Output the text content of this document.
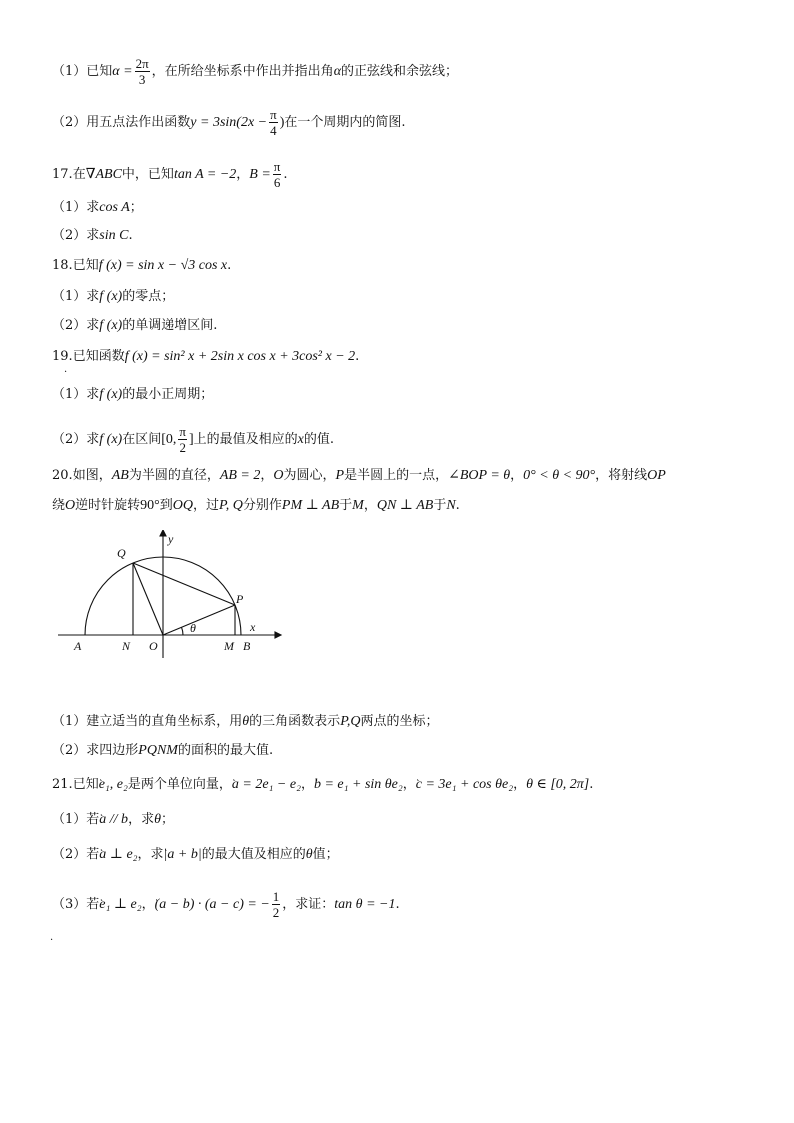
（1）已知$\alpha = \frac{2\pi}{3}$ ，在所给坐标系中作出并指出角α的正弦线和余弦线；
（2）用五点法作出函数$y = 3\sin(2x - \frac{\pi}{4}$ )在一个周期内的简图.
17.在∇ABC中，已知tan A = −2，$B = \frac{\pi}{6}$ .
（1）求cos A；
（2）求sin C.
18.已知f (x) = sin x − √3 cos x.
（1）求f (x)的零点；
（2）求f (x)的单调递增区间.
19.已知函数f (x) = sin² x + 2sin x cos x + 3cos² x − 2.
.
（1）求f (x)的最小正周期；
（2）求f (x)在区间[0, $\frac{\pi}{2}$ ]上的最值及相应的x的值.
20.如图，AB为半圆的直径，AB = 2，O为圆心，P是半圆上的一点，∠BOP = θ，0° < θ < 90°，将射线OP
绕O逆时针旋转90°到OQ，过P, Q分别作PM ⊥ AB于M，QN ⊥ AB于N.
Q
y
P
θ	x
A	N O	M B
（1）建立适当的直角坐标系，用θ的三角函数表示P,Q两点的坐标；
（2）求四边形PQNM的面积的最大值.
21.已知˛ e₁, e₂是两个单位向量，˛ a = 2e₁ − e₂，˛ b = e₁ + sin θe₂，˛ c = 3e₁ + cos θe₂，θ ∈ [0, 2π].
（1）若˛ a // b，求θ；
（2）若˛ a ⊥ e₂，求˛ |a + b|的最大值及相应的θ值；
（3）若˛ e₁ ⊥ e₂，˛ (a − b) · (a − c) = − $\frac{1}{2}$ ，求证：tan θ = −1.
.
